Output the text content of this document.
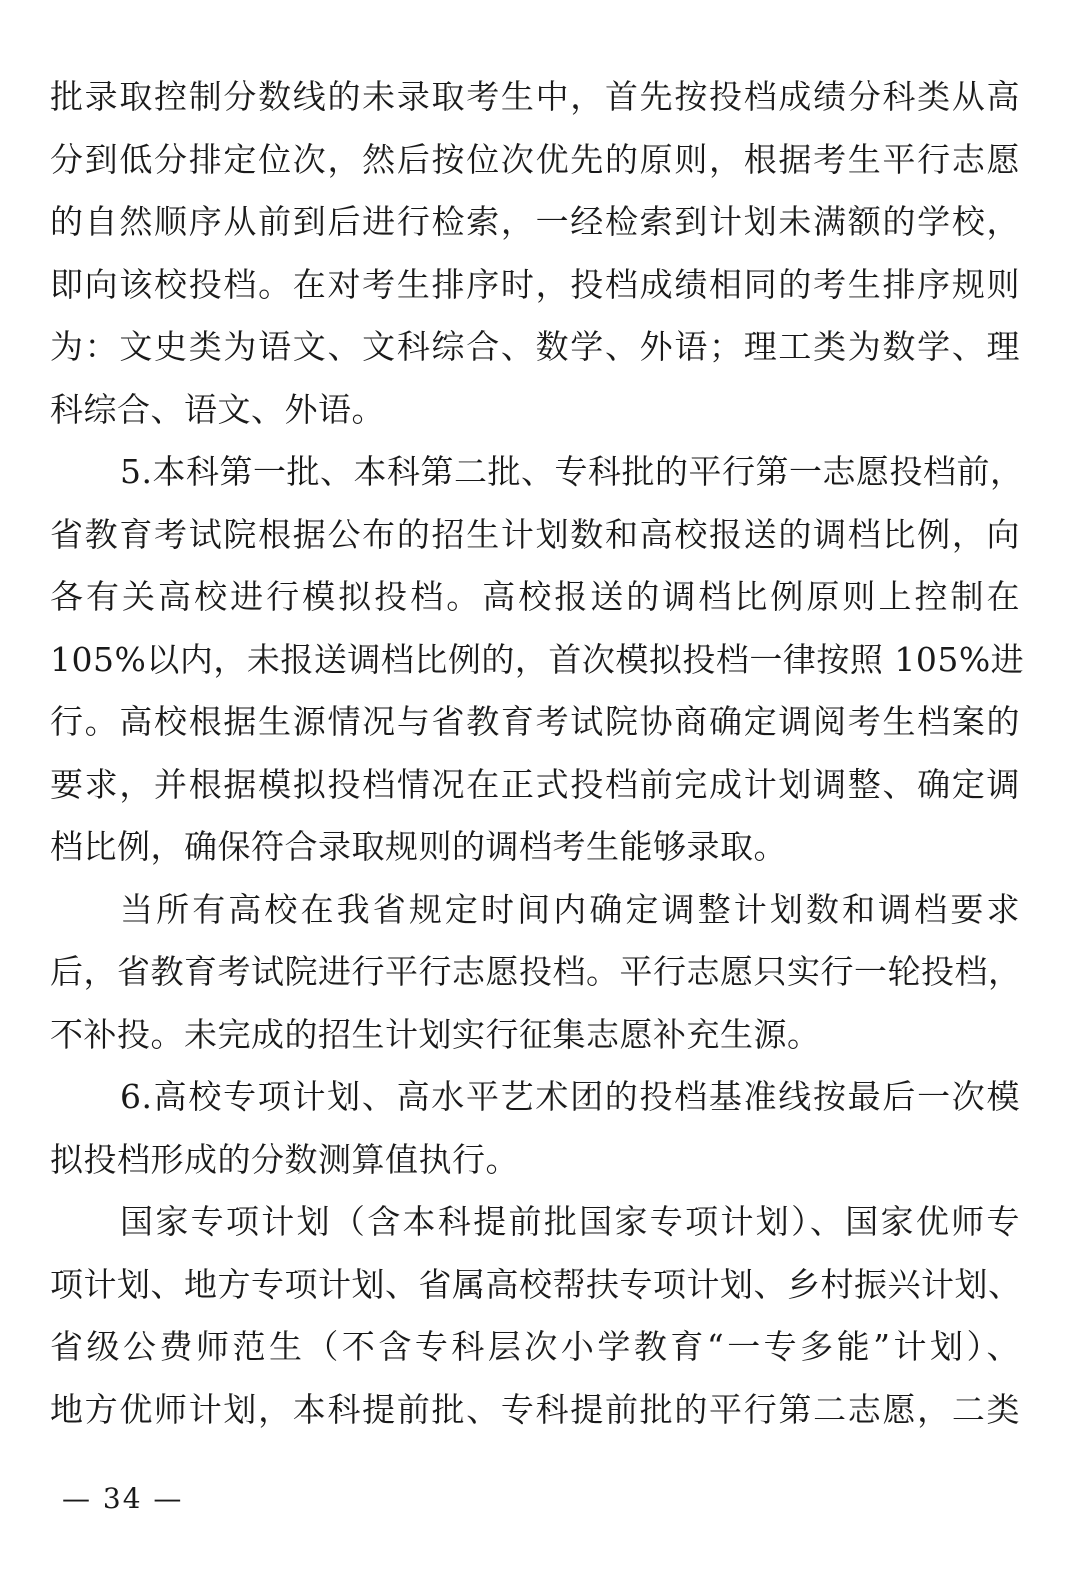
批录取控制分数线的未录取考生中，首先按投档成绩分科类从高
分到低分排定位次，然后按位次优先的原则，根据考生平行志愿
的自然顺序从前到后进行检索，一经检索到计划未满额的学校，
即向该校投档。在对考生排序时，投档成绩相同的考生排序规则
为：文史类为语文、文科综合、数学、外语；理工类为数学、理
科综合、语文、外语。
5.本科第一批、本科第二批、专科批的平行第一志愿投档前，
省教育考试院根据公布的招生计划数和高校报送的调档比例，向
各有关高校进行模拟投档。高校报送的调档比例原则上控制在
105%以内，未报送调档比例的，首次模拟投档一律按照 105%进
行。高校根据生源情况与省教育考试院协商确定调阅考生档案的
要求，并根据模拟投档情况在正式投档前完成计划调整、确定调
档比例，确保符合录取规则的调档考生能够录取。
当所有高校在我省规定时间内确定调整计划数和调档要求
后，省教育考试院进行平行志愿投档。平行志愿只实行一轮投档，
不补投。未完成的招生计划实行征集志愿补充生源。
6.高校专项计划、高水平艺术团的投档基准线按最后一次模
拟投档形成的分数测算值执行。
国家专项计划（含本科提前批国家专项计划）、国家优师专
项计划、地方专项计划、省属高校帮扶专项计划、乡村振兴计划、
省级公费师范生（不含专科层次小学教育“一专多能”计划）、
地方优师计划，本科提前批、专科提前批的平行第二志愿，二类
— 34 —
